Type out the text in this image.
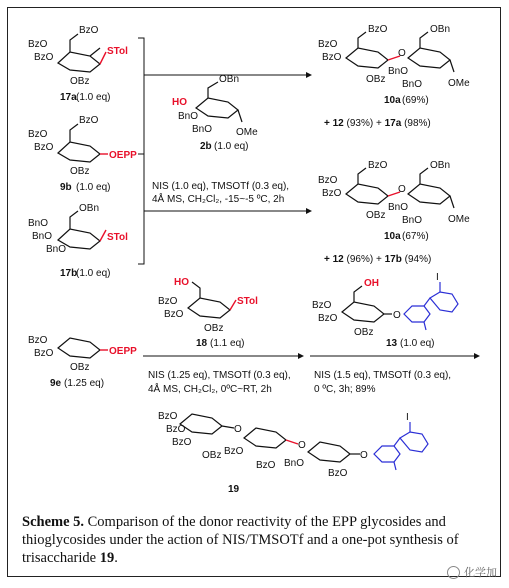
BzO
BzO
BzO
OBz
STol
17a (1.0 eq)
BzO
BzO
BzO
OBz
OEPP
9b (1.0 eq)
OBn
BnO
BnO
BnO
STol
17b
(1.0 eq)
OBn
HO
BnO
BnO OMe
2b (1.0 eq)
NIS (1.0 eq), TMSOTf (0.3 eq),
4Å MS, CH₂Cl₂, -15~-5 ºC, 2h
BzO
BzO
BzO
OBz
O
OBn
BnO
BnO	OMe
10a (69%)
+ 12 (93%) + 17a (98%)
BzO
BzO
BzO
OBz
O
OBn
BnO
BnO	OMe
10a (67%)
+ 12 (96%) + 17b (94%)
BzO
BzO
OBz
OEPP
9e (1.25 eq)
HO
BzO
BzO
OBz
STol
18 (1.1 eq)
OH
BzO
BzO
OBz
O
I
13 (1.0 eq)
NIS (1.25 eq), TMSOTf (0.3 eq),
4Å MS, CH₂Cl₂, 0ºC~RT, 2h
NIS (1.5 eq), TMSOTf (0.3 eq),
0 ºC, 3h; 89%
BzO
BzO
BzO
OBz
O
BzO
BzO
O
BnO
BzO
O
I
19
Scheme 5. Comparison of the donor reactivity of the EPP glycosides and thioglycosides under the action of NIS/TMSOTf and a one-pot synthesis of trisaccharide 19.
化学加
